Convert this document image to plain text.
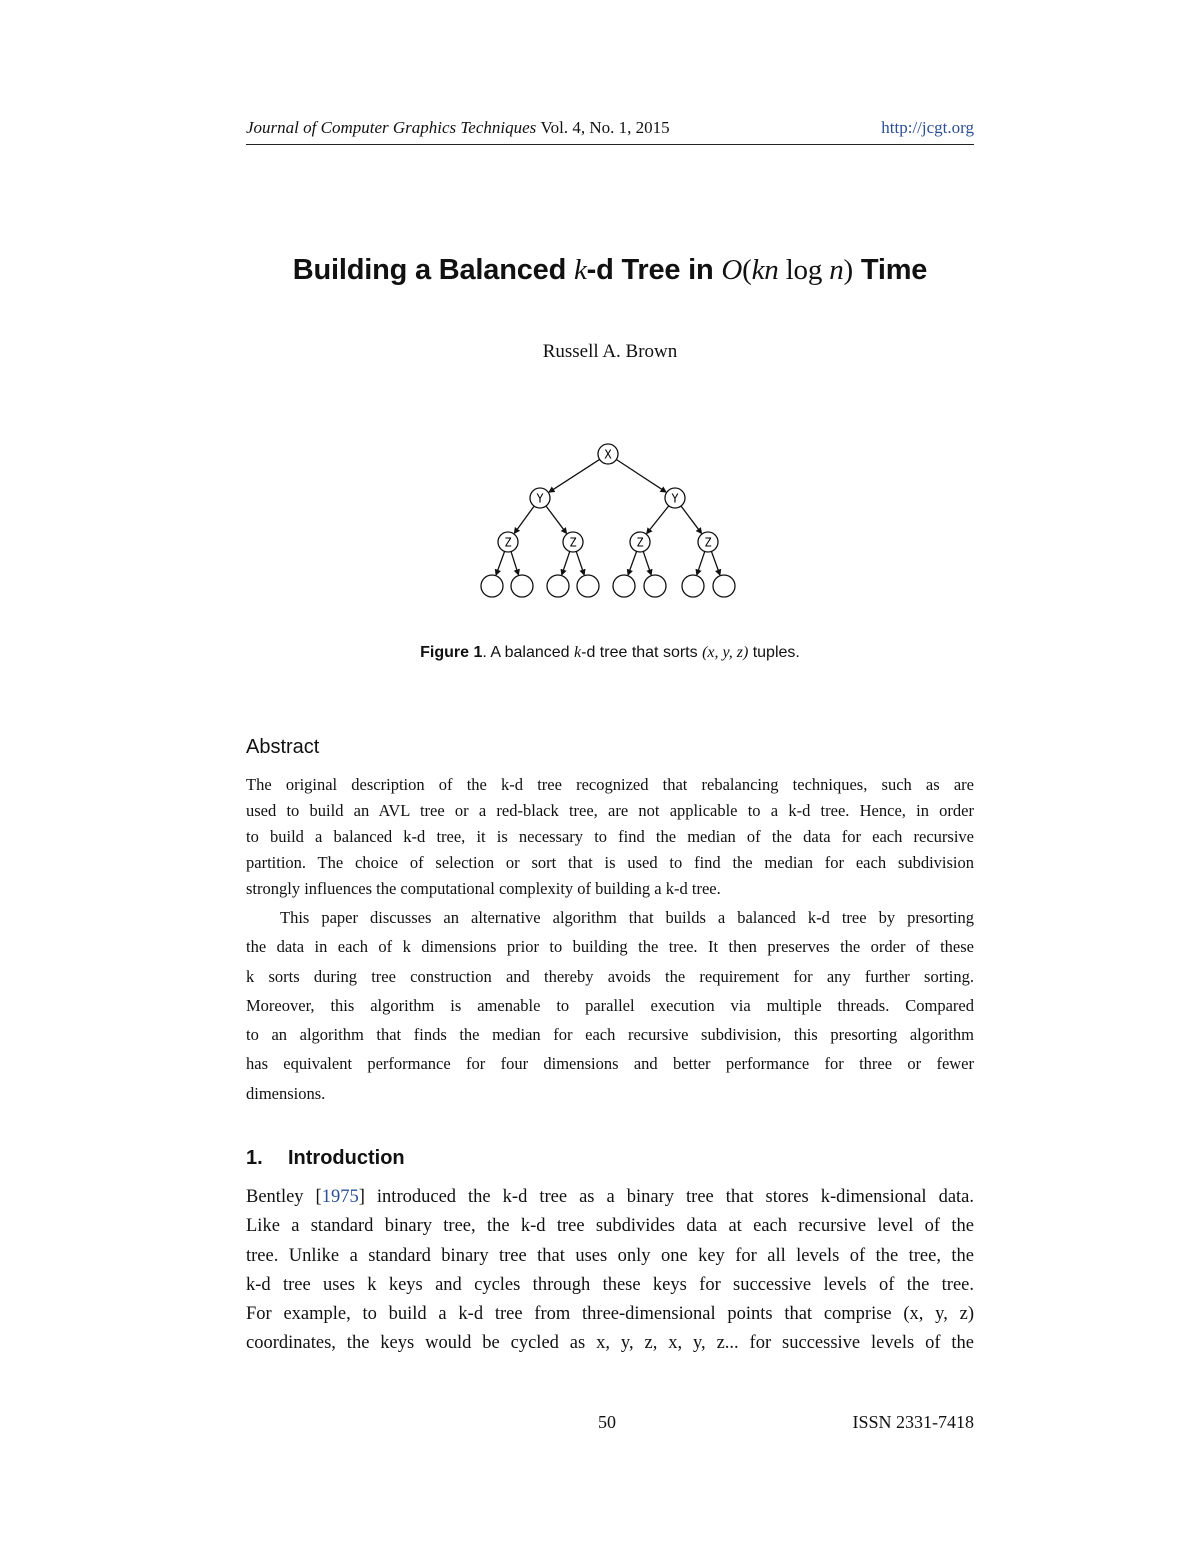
Journal of Computer Graphics Techniques Vol. 4, No. 1, 2015	http://jcgt.org
Building a Balanced k-d Tree in O(kn log n) Time
Russell A. Brown
X
Y	Y
Z	Z	Z	Z
Figure 1. A balanced k-d tree that sorts (x, y, z) tuples.
Abstract
The original description of the k-d tree recognized that rebalancing techniques, such as are
used to build an AVL tree or a red-black tree, are not applicable to a k-d tree. Hence, in order
to build a balanced k-d tree, it is necessary to find the median of the data for each recursive
partition. The choice of selection or sort that is used to find the median for each subdivision
strongly influences the computational complexity of building a k-d tree.
This paper discusses an alternative algorithm that builds a balanced k-d tree by presorting
the data in each of k dimensions prior to building the tree. It then preserves the order of these
k sorts during tree construction and thereby avoids the requirement for any further sorting.
Moreover, this algorithm is amenable to parallel execution via multiple threads. Compared
to an algorithm that finds the median for each recursive subdivision, this presorting algorithm
has equivalent performance for four dimensions and better performance for three or fewer
dimensions.
1. Introduction
Bentley [1975] introduced the k-d tree as a binary tree that stores k-dimensional data.
Like a standard binary tree, the k-d tree subdivides data at each recursive level of the
tree. Unlike a standard binary tree that uses only one key for all levels of the tree, the
k-d tree uses k keys and cycles through these keys for successive levels of the tree.
For example, to build a k-d tree from three-dimensional points that comprise (x, y, z)
coordinates, the keys would be cycled as x, y, z, x, y, z... for successive levels of the
50	ISSN 2331-7418
